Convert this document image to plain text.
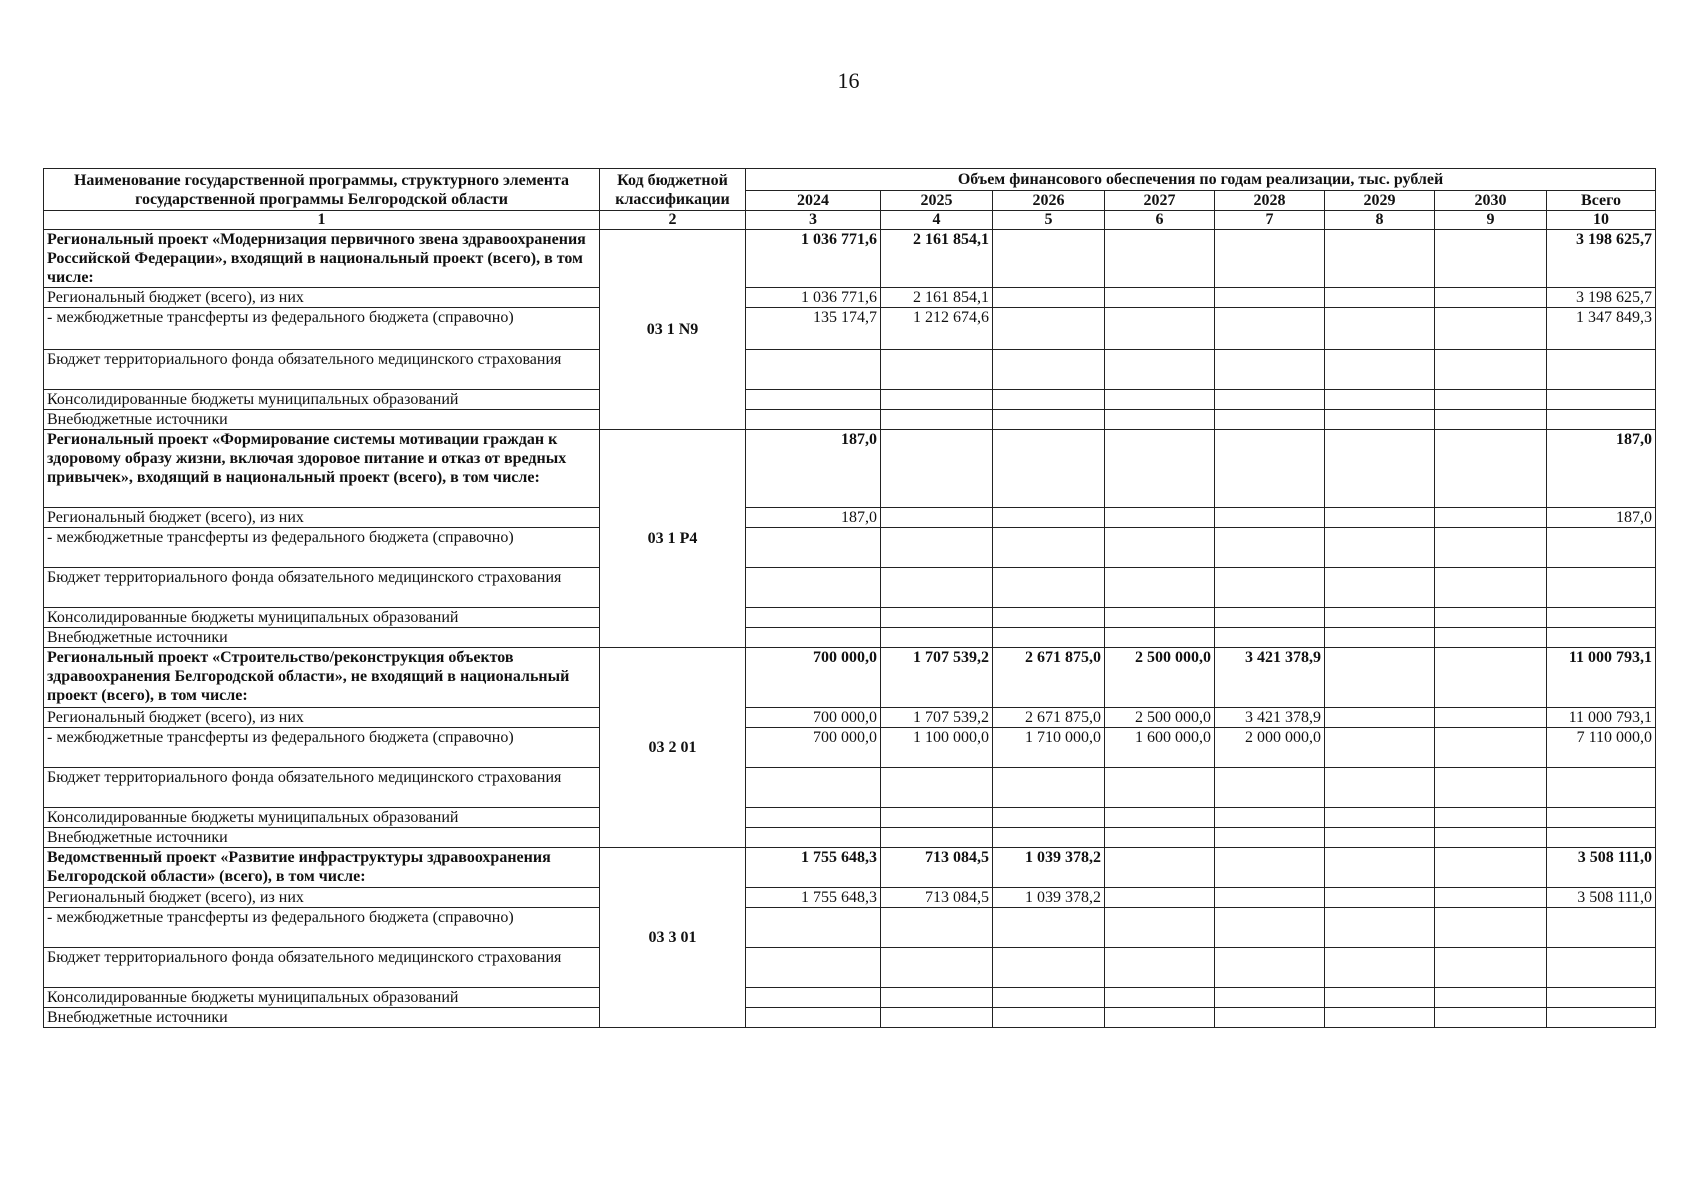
16
Наименование государственной программы, структурного элемента государственной программы Белгородской области	Код бюджетной классификации	Объем финансового обеспечения по годам реализации, тыс. рублей							
		2024	2025	2026	2027	2028	2029	2030	Всего
1	2	3	4	5	6	7	8	9	10
Региональный проект «Модернизация первичного звена здравоохранения Российской Федерации», входящий в национальный проект (всего), в том числе:	03 1 N9	1 036 771,6	2 161 854,1						3 198 625,7
Региональный бюджет (всего), из них		1 036 771,6	2 161 854,1						3 198 625,7
- межбюджетные трансферты из федерального бюджета (справочно)		135 174,7	1 212 674,6						1 347 849,3
Бюджет территориального фонда обязательного медицинского страхования									
Консолидированные бюджеты муниципальных образований									
Внебюджетные источники									
Региональный проект «Формирование системы мотивации граждан к здоровому образу жизни, включая здоровое питание и отказ от вредных привычек», входящий в национальный проект (всего), в том числе:	03 1 Р4	187,0							187,0
Региональный бюджет (всего), из них		187,0							187,0
- межбюджетные трансферты из федерального бюджета (справочно)									
Бюджет территориального фонда обязательного медицинского страхования									
Консолидированные бюджеты муниципальных образований									
Внебюджетные источники									
Региональный проект «Строительство/реконструкция объектов здравоохранения Белгородской области», не входящий в национальный проект (всего), в том числе:	03 2 01	700 000,0	1 707 539,2	2 671 875,0	2 500 000,0	3 421 378,9			11 000 793,1
Региональный бюджет (всего), из них		700 000,0	1 707 539,2	2 671 875,0	2 500 000,0	3 421 378,9			11 000 793,1
- межбюджетные трансферты из федерального бюджета (справочно)		700 000,0	1 100 000,0	1 710 000,0	1 600 000,0	2 000 000,0			7 110 000,0
Бюджет территориального фонда обязательного медицинского страхования									
Консолидированные бюджеты муниципальных образований									
Внебюджетные источники									
Ведомственный проект «Развитие инфраструктуры здравоохранения Белгородской области» (всего), в том числе:	03 3 01	1 755 648,3	713 084,5	1 039 378,2					3 508 111,0
Региональный бюджет (всего), из них		1 755 648,3	713 084,5	1 039 378,2					3 508 111,0
- межбюджетные трансферты из федерального бюджета (справочно)									
Бюджет территориального фонда обязательного медицинского страхования									
Консолидированные бюджеты муниципальных образований									
Внебюджетные источники									
